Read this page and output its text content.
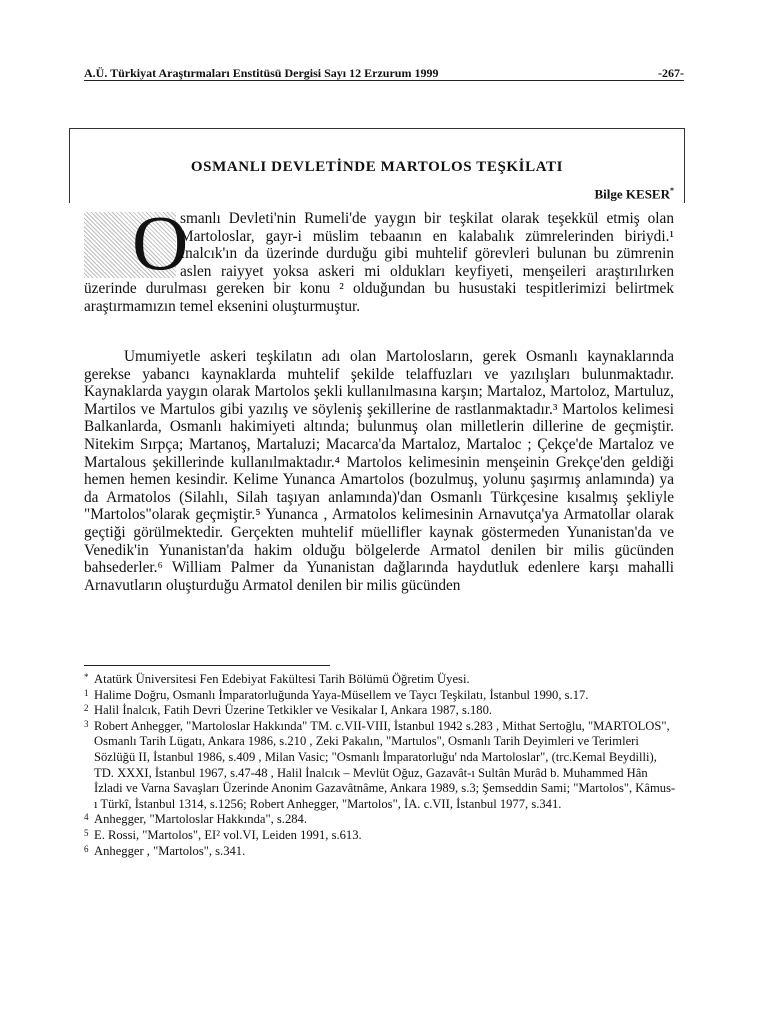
A.Ü. Türkiyat Araştırmaları Enstitüsü Dergisi Sayı 12 Erzurum 1999	-267-
OSMANLI DEVLETİNDE MARTOLOS TEŞKİLATI
Bilge KESER*

O
smanlı Devleti'nin Rumeli'de yaygın bir teşkilat olarak teşekkül etmiş olan Martoloslar, gayr-i müslim tebaanın en kalabalık zümrelerinden biriydi.¹ İnalcık'ın da üzerinde durduğu gibi muhtelif görevleri bulunan bu zümrenin aslen raiyyet yoksa askeri mi oldukları keyfiyeti, menşeileri araştırılırken üzerinde durulması gereken bir konu ² olduğundan bu husustaki tespitlerimizi belirtmek araştırmamızın temel eksenini oluşturmuştur.

Umumiyetle askeri teşkilatın adı olan Martolosların, gerek Osmanlı kaynaklarında gerekse yabancı kaynaklarda muhtelif şekilde telaffuzları ve yazılışları bulunmaktadır. Kaynaklarda yaygın olarak Martolos şekli kullanılmasına karşın; Martaloz, Martoloz, Martuluz, Martilos ve Martulos gibi yazılış ve söyleniş şekillerine de rastlanmaktadır.³ Martolos kelimesi Balkanlarda, Osmanlı hakimiyeti altında; bulunmuş olan milletlerin dillerine de geçmiştir. Nitekim Sırpça; Martanoş, Martaluzi; Macarca'da Martaloz, Martaloc ; Çekçe'de Martaloz ve Martalous şekillerinde kullanılmaktadır.⁴ Martolos kelimesinin menşeinin Grekçe'den geldiği hemen hemen kesindir. Kelime Yunanca Amartolos (bozulmuş, yolunu şaşırmış anlamında) ya da Armatolos (Silahlı, Silah taşıyan anlamında)'dan Osmanlı Türkçesine kısalmış şekliyle "Martolos"olarak geçmiştir.⁵ Yunanca , Armatolos kelimesinin Arnavutça'ya Armatollar olarak geçtiği görülmektedir. Gerçekten muhtelif müellifler kaynak göstermeden Yunanistan'da ve Venedik'in Yunanistan'da hakim olduğu bölgelerde Armatol denilen bir milis gücünden bahsederler.⁶ William Palmer da Yunanistan dağlarında haydutluk edenlere karşı mahalli Arnavutların oluşturduğu Armatol denilen bir milis gücünden

* Atatürk Üniversitesi Fen Edebiyat Fakültesi Tarih Bölümü Öğretim Üyesi.
1 Halime Doğru, Osmanlı İmparatorluğunda Yaya-Müsellem ve Taycı Teşkilatı, İstanbul 1990, s.17.
2 Halil İnalcık, Fatih Devri Üzerine Tetkikler ve Vesikalar I, Ankara 1987, s.180.
3 Robert Anhegger, "Martoloslar Hakkında" TM. c.VII-VIII, İstanbul 1942 s.283 , Mithat Sertoğlu, "MARTOLOS", Osmanlı Tarih Lügatı, Ankara 1986, s.210 , Zeki Pakalın, "Martulos", Osmanlı Tarih Deyimleri ve Terimleri Sözlüğü II, İstanbul 1986, s.409 , Milan Vasic; "Osmanlı İmparatorluğu' nda Martoloslar", (trc.Kemal Beydilli), TD. XXXI, İstanbul 1967, s.47-48 , Halil İnalcık – Mevlüt Oğuz, Gazavât-ı Sultân Murâd b. Muhammed Hân İzladi ve Varna Savaşları Üzerinde Anonim Gazavâtnâme, Ankara 1989, s.3; Şemseddin Sami; "Martolos", Kâmus-ı Türkî, İstanbul 1314, s.1256; Robert Anhegger, "Martolos", İA. c.VII, İstanbul 1977, s.341.
4 Anhegger, "Martoloslar Hakkında", s.284.
5 E. Rossi, "Martolos", EI² vol.VI, Leiden 1991, s.613.
6 Anhegger , "Martolos", s.341.
